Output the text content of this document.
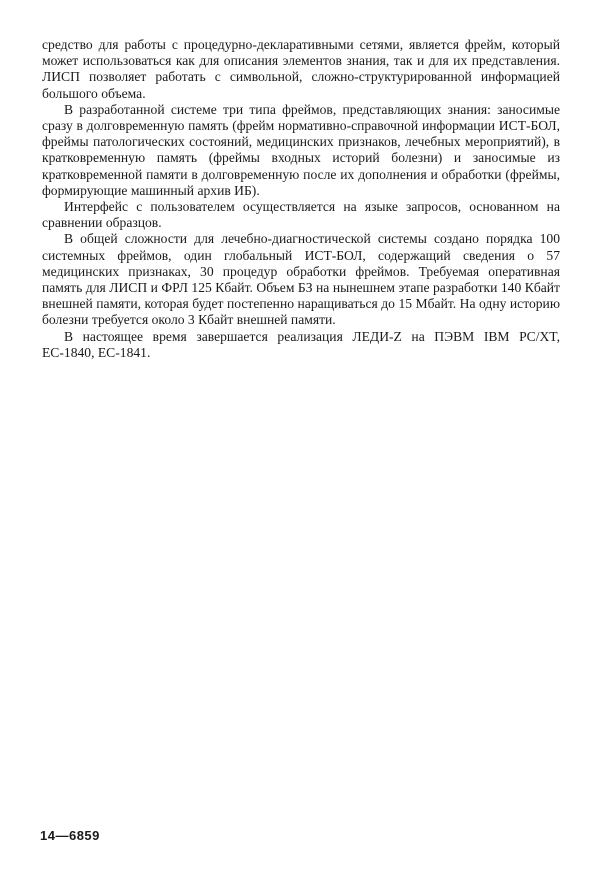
средство для работы с процедурно-декларативными сетями, является фрейм, который может использоваться как для описания элементов знания, так и для их представления. ЛИСП позволяет работать с символьной, сложно-структурированной информацией большого объема.

В разработанной системе три типа фреймов, представляющих знания: заносимые сразу в долговременную память (фрейм нормативно-справочной информации ИСТ-БОЛ, фреймы патологических состояний, медицинских признаков, лечебных мероприятий), в кратковременную память (фреймы входных историй болезни) и заносимые из кратковременной памяти в долговременную после их дополнения и обработки (фреймы, формирующие машинный архив ИБ).

Интерфейс с пользователем осуществляется на языке запросов, основанном на сравнении образцов.

В общей сложности для лечебно-диагностической системы создано порядка 100 системных фреймов, один глобальный ИСТ-БОЛ, содержащий сведения о 57 медицинских признаках, 30 процедур обработки фреймов. Требуемая оперативная память для ЛИСП и ФРЛ 125 Кбайт. Объем БЗ на нынешнем этапе разработки 140 Кбайт внешней памяти, которая будет постепенно наращиваться до 15 Мбайт. На одну историю болезни требуется около 3 Кбайт внешней памяти.

В настоящее время завершается реализация ЛЕДИ-Z на ПЭВМ IBM PC/XT, ЕС-1840, ЕС-1841.

14—6859
